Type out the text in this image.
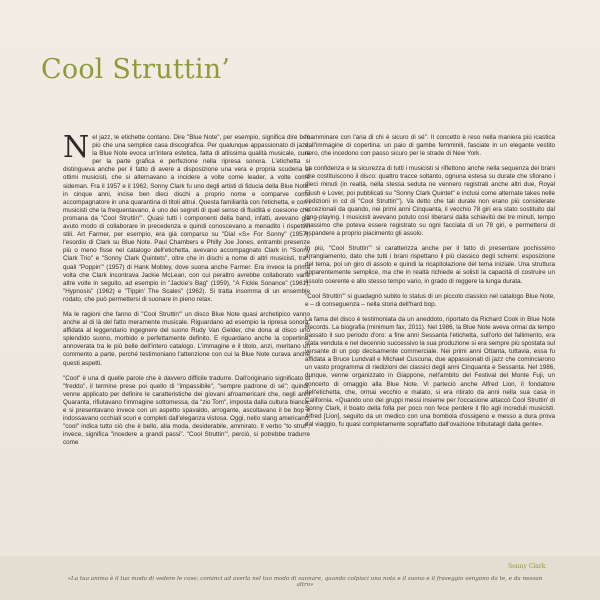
Cool Struttin’

Nel jazz, le etichette contano. Dire "Blue Note", per esempio, significa dire ben più che una semplice casa discografica. Per qualunque appassionato di jazz, la Blue Note evoca un'intera estetica, fatta di altissima qualità musicale, cura per la parte grafica e perfezione nella ripresa sonora. L'etichetta si distingueva anche per il fatto di avere a disposizione una vera e propria scuderia di ottimi musicisti, che si alternavano a incidere a volte come leader, a volte come sideman. Fra il 1957 e il 1962, Sonny Clark fu uno degli artisti di fiducia della Blue Note: in cinque anni, incise ben dieci dischi a proprio nome e comparve come accompagnatore in una quarantina di titoli altrui. Questa familiarità con l'etichetta, e con i musicisti che la frequentavano, è uno dei segreti di quel senso di fluidità e coesione che promana da "Cool Struttin'". Quasi tutti i componenti della band, infatti, avevano già avuto modo di collaborare in precedenza e quindi conoscevano a menadito i rispettivi stili. Art Farmer, per esempio, era già comparso su "Dial «S» For Sonny" (1957), l'esordio di Clark su Blue Note. Paul Chambers e Philly Joe Jones, entrambi presenze più o meno fisse nel catalogo dell'etichetta, avevano accompagnato Clark in "Sonny Clark Trio" e "Sonny Clark Quintets", oltre che in dischi a nome di altri musicisti, tra i quali "Poppin'" (1957) di Hank Mobley, dove suona anche Farmer. Era invece la prima volta che Clark incontrava Jackie McLean, con cui peraltro avrebbe collaborato varie altre volte in seguito, ad esempio in "Jackie's Bag" (1959), "A Fickle Sonance" (1961), "Hypnosis" (1962) e "Tippin' The Scales" (1962). Si tratta insomma di un ensemble rodato, che può permettersi di suonare in pieno relax.

Ma le ragioni che fanno di "Cool Struttin'" un disco Blue Note quasi archetipico vanno anche al di là del fatto meramente musicale. Riguardano ad esempio la ripresa sonora, affidata al leggendario ingegnere del suono Rudy Van Gelder, che dona al disco uno splendido suono, morbido e perfettamente definito. E riguardano anche la copertina, annoverata tra le più belle dell'intero catalogo. L'immagine e il titolo, anzi, meritano un commento a parte, perché testimoniano l'attenzione con cui la Blue Note curava anche questi aspetti.

"Cool" è una di quelle parole che è davvero difficile tradurre. Dall'originario significato di "freddo", il termine prese poi quello di "impassibile", "sempre padrone di sé"; quindi, venne applicato per definire le caratteristiche dei giovani afroamericani che, negli anni Quaranta, rifiutavano l'immagine sottomessa, da "zio Tom", imposta dalla cultura bianca, e si presentavano invece con un aspetto spavaldo, arrogante, ascoltavano il be bop e indossavano occhiali scuri e completi dall'eleganza vistosa. Oggi, nello slang americano, "cool" indica tutto ciò che è bello, alla moda, desiderabile, ammirato. Il verbo "to strut", invece, significa "incedere a grandi passi". "Cool Struttin'", perciò, si potrebbe tradurre come

"camminare con l'aria di chi è sicuro di sé". Il concetto è reso nella maniera più icastica dall'immagine di copertina: un paio di gambe femminili, fasciate in un elegante vestito nero, che incedono con passo sicuro per le strade di New York.

La confidenza e la sicurezza di tutti i musicisti si riflettono anche nella sequenza dei brani che costituiscono il disco: quattro tracce soltanto, ognuna estesa su durate che sfiorano i dieci minuti (in realtà, nella stessa seduta ne vennero registrati anche altri due, Royal Flush e Lover, poi pubblicati su "Sonny Clark Quintet" e inclusi come alternate takes nelle riedizioni in cd di "Cool Struttin'"). Va detto che tali durate non erano più considerate eccezionali da quando, nei primi anni Cinquanta, il vecchio 78 giri era stato sostituito dal long-playing. I musicisti avevano potuto così liberarsi dalla schiavitù dei tre minuti, tempo massimo che poteva essere registrato su ogni facciata di un 78 giri, e permettersi di espandere a proprio piacimento gli assolo.

In più, "Cool Struttin'" si caratterizza anche per il fatto di presentare pochissimo arrangiamento, dato che tutti i brani rispettano il più classico degli schemi: esposizione del tema, poi un giro di assolo e quindi la ricapitolazione del tema iniziale. Una struttura apparentemente semplice, ma che in realtà richiede ai solisti la capacità di costruire un assolo coerente e allo stesso tempo vario, in grado di reggere la lunga durata.

"Cool Struttin'" si guadagnò subito lo status di un piccolo classico nel catalogo Blue Note, e – di conseguenza – nella storia dell'hard bop.

La fama del disco è testimoniata da un aneddoto, riportato da Richard Cook in Blue Note Records. La biografia (minimum fax, 2011). Nel 1986, la Blue Note aveva ormai da tempo passato il suo periodo d'oro: a fine anni Sessanta l'etichetta, sull'orlo del fallimento, era stata venduta e nel decennio successivo la sua produzione si era sempre più spostata sul versante di un pop decisamente commerciale. Nei primi anni Ottanta, tuttavia, essa fu affidata a Bruce Lundvall e Michael Cuscuna, due appassionati di jazz che cominciarono un vasto programma di riedizioni dei classici degli anni Cinquanta e Sessanta. Nel 1986, dunque, venne organizzato in Giappone, nell'ambito del Festival del Monte Fuji, un concerto di omaggio alla Blue Note. Vi parteciò anche Alfred Lion, il fondatore dell'etichetta, che, ormai vecchio e malato, si era ritirato da anni nella sua casa in California. «Quando uno dei gruppi messi insieme per l'occasione attaccò Cool Struttin' di Sonny Clark, il boato della folla per poco non fece perdere il filo agli increduli musicisti. Alfred [Lion], seguito da un medico con una bombola d'ossigeno e messo a dura prova dal viaggio, fu quasi completamente sopraffatto dall'ovazione tributatagli dalla gente».

Sonny Clark
«La tua anima è il tuo modo di vedere le cose; cominci ad averla nel tuo modo di suonare, quando colpisci una nota e il suono e il fraseggio vengono da te, e da nessun altro»
